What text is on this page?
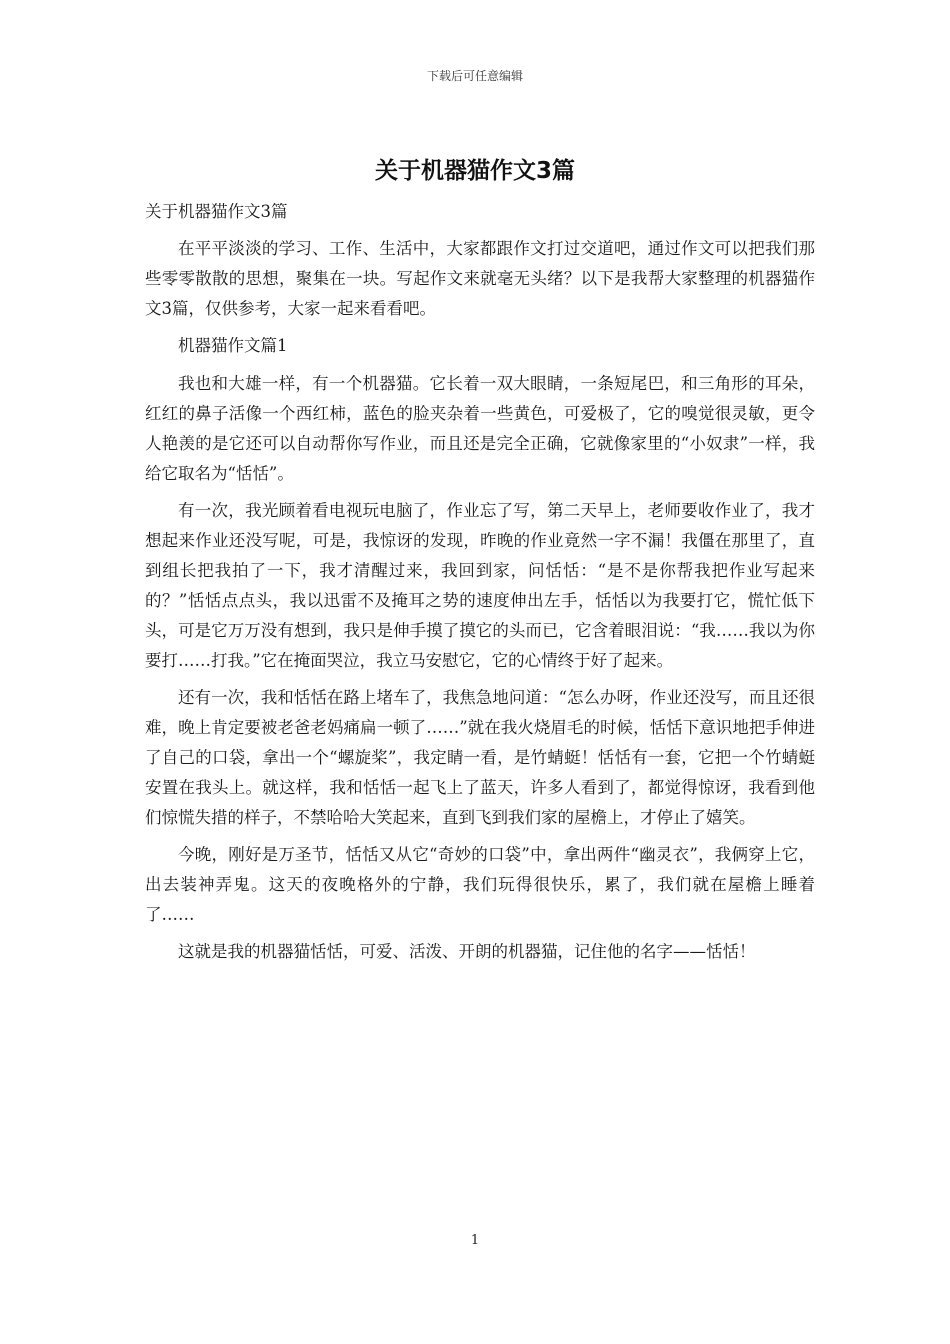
下载后可任意编辑
关于机器猫作文3篇

关于机器猫作文3篇

在平平淡淡的学习、工作、生活中，大家都跟作文打过交道吧，通过作文可以把我们那些零零散散的思想，聚集在一块。写起作文来就毫无头绪？以下是我帮大家整理的机器猫作文3篇，仅供参考，大家一起来看看吧。

机器猫作文篇1

我也和大雄一样，有一个机器猫。它长着一双大眼睛，一条短尾巴，和三角形的耳朵，红红的鼻子活像一个西红柿，蓝色的脸夹杂着一些黄色，可爱极了，它的嗅觉很灵敏，更令人艳羡的是它还可以自动帮你写作业，而且还是完全正确，它就像家里的“小奴隶”一样，我给它取名为“恬恬”。

有一次，我光顾着看电视玩电脑了，作业忘了写，第二天早上，老师要收作业了，我才想起来作业还没写呢，可是，我惊讶的发现，昨晚的作业竟然一字不漏！我僵在那里了，直到组长把我拍了一下，我才清醒过来，我回到家，问恬恬：“是不是你帮我把作业写起来的？”恬恬点点头，我以迅雷不及掩耳之势的速度伸出左手，恬恬以为我要打它，慌忙低下头，可是它万万没有想到，我只是伸手摸了摸它的头而已，它含着眼泪说：“我……我以为你要打……打我。”它在掩面哭泣，我立马安慰它，它的心情终于好了起来。

还有一次，我和恬恬在路上堵车了，我焦急地问道：“怎么办呀，作业还没写，而且还很难，晚上肯定要被老爸老妈痛扁一顿了……”就在我火烧眉毛的时候，恬恬下意识地把手伸进了自己的口袋，拿出一个“螺旋桨”，我定睛一看，是竹蜻蜓！恬恬有一套，它把一个竹蜻蜓安置在我头上。就这样，我和恬恬一起飞上了蓝天，许多人看到了，都觉得惊讶，我看到他们惊慌失措的样子，不禁哈哈大笑起来，直到飞到我们家的屋檐上，才停止了嬉笑。

今晚，刚好是万圣节，恬恬又从它“奇妙的口袋”中，拿出两件“幽灵衣”，我俩穿上它，出去装神弄鬼。这天的夜晚格外的宁静，我们玩得很快乐，累了，我们就在屋檐上睡着了……

这就是我的机器猫恬恬，可爱、活泼、开朗的机器猫，记住他的名字——恬恬！

1
